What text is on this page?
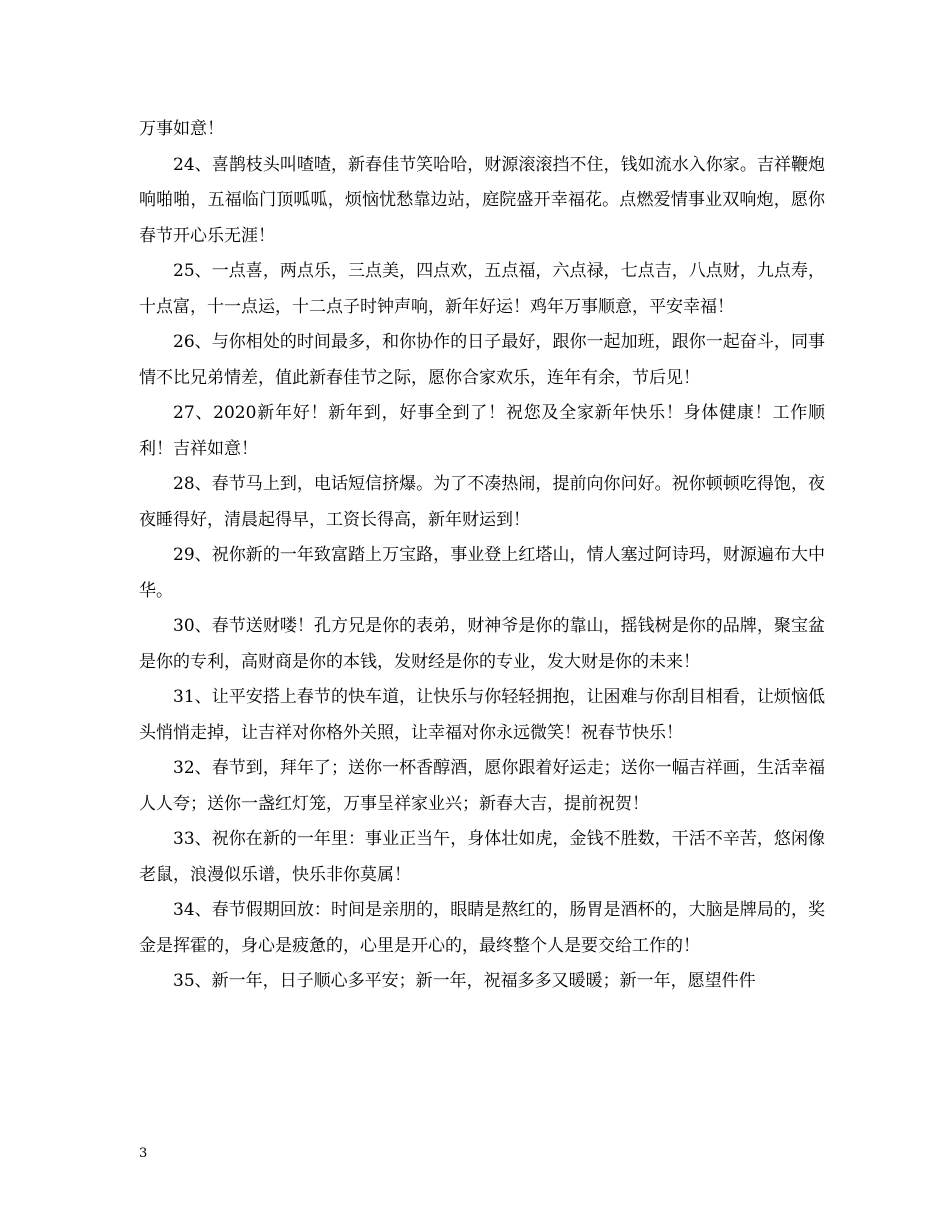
万事如意！

24、喜鹊枝头叫喳喳，新春佳节笑哈哈，财源滚滚挡不住，钱如流水入你家。吉祥鞭炮响啪啪，五福临门顶呱呱，烦恼忧愁靠边站，庭院盛开幸福花。点燃爱情事业双响炮，愿你春节开心乐无涯！

25、一点喜，两点乐，三点美，四点欢，五点福，六点禄，七点吉，八点财，九点寿，十点富，十一点运，十二点子时钟声响，新年好运！鸡年万事顺意，平安幸福！

26、与你相处的时间最多，和你协作的日子最好，跟你一起加班，跟你一起奋斗，同事情不比兄弟情差，值此新春佳节之际，愿你合家欢乐，连年有余，节后见！

27、2020新年好！新年到，好事全到了！祝您及全家新年快乐！身体健康！工作顺利！吉祥如意！

28、春节马上到，电话短信挤爆。为了不凑热闹，提前向你问好。祝你顿顿吃得饱，夜夜睡得好，清晨起得早，工资长得高，新年财运到！

29、祝你新的一年致富踏上万宝路，事业登上红塔山，情人塞过阿诗玛，财源遍布大中华。

30、春节送财喽！孔方兄是你的表弟，财神爷是你的靠山，摇钱树是你的品牌，聚宝盆是你的专利，高财商是你的本钱，发财经是你的专业，发大财是你的未来！

31、让平安搭上春节的快车道，让快乐与你轻轻拥抱，让困难与你刮目相看，让烦恼低头悄悄走掉，让吉祥对你格外关照，让幸福对你永远微笑！祝春节快乐！

32、春节到，拜年了；送你一杯香醇酒，愿你跟着好运走；送你一幅吉祥画，生活幸福人人夸；送你一盏红灯笼，万事呈祥家业兴；新春大吉，提前祝贺！

33、祝你在新的一年里：事业正当午，身体壮如虎，金钱不胜数，干活不辛苦，悠闲像老鼠，浪漫似乐谱，快乐非你莫属！

34、春节假期回放：时间是亲朋的，眼睛是熬红的，肠胃是酒杯的，大脑是牌局的，奖金是挥霍的，身心是疲惫的，心里是开心的，最终整个人是要交给工作的！

35、新一年，日子顺心多平安；新一年，祝福多多又暖暖；新一年，愿望件件

3
